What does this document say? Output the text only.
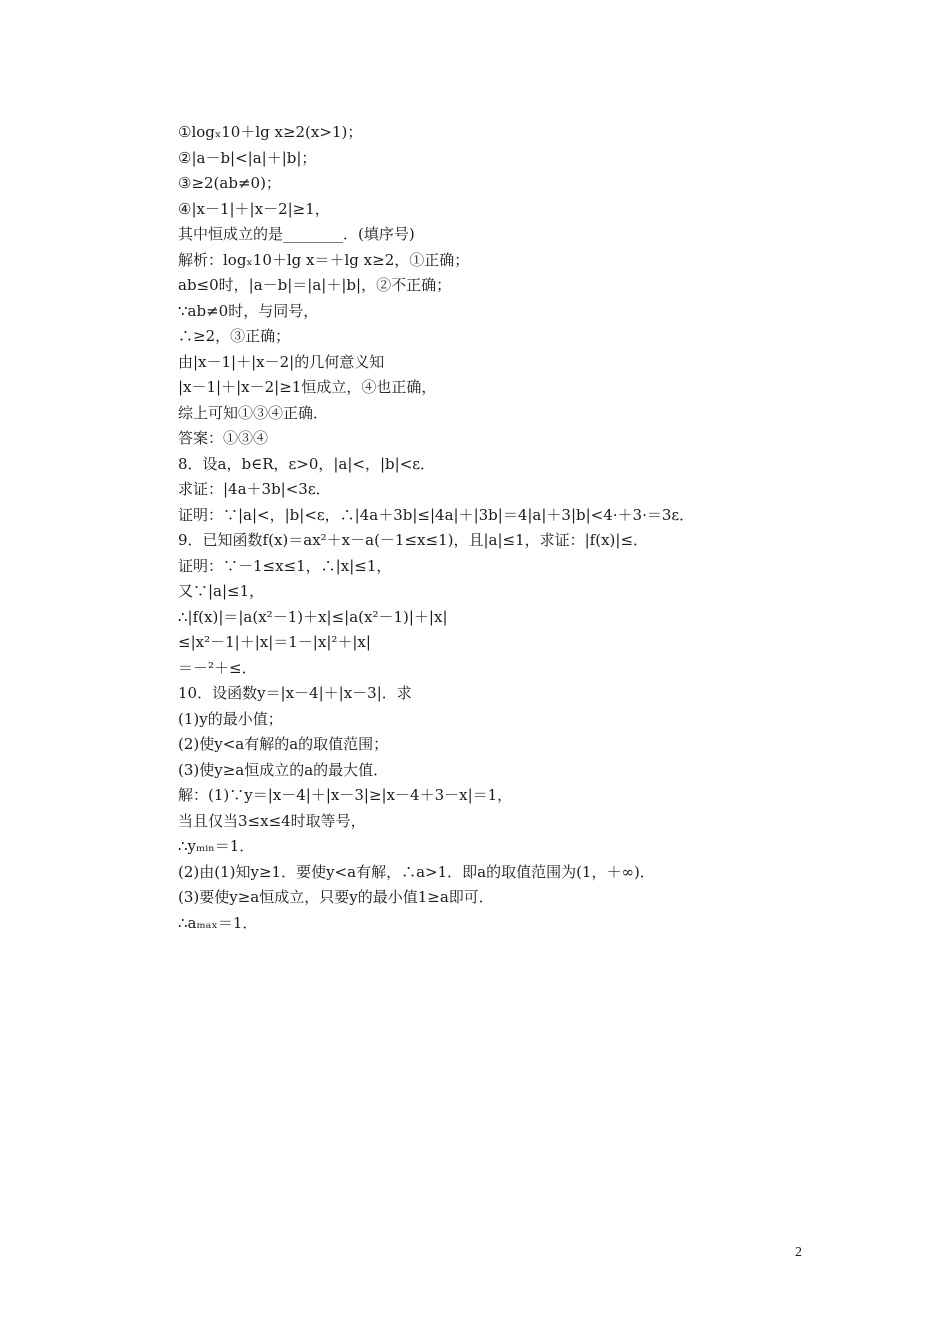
①logₓ10＋lg x≥2(x>1)；
②|a－b|<|a|＋|b|；
③≥2(ab≠0)；
④|x－1|＋|x－2|≥1，
其中恒成立的是________．(填序号)
解析：logₓ10＋lg x＝＋lg x≥2，①正确；
ab≤0时，|a－b|＝|a|＋|b|，②不正确；
∵ab≠0时，与同号，
∴≥2，③正确；
由|x－1|＋|x－2|的几何意义知
|x－1|＋|x－2|≥1恒成立，④也正确，
综上可知①③④正确．
答案：①③④
8．设a，b∈R，ε>0，|a|<，|b|<ε．
求证：|4a＋3b|<3ε．
证明：∵|a|<，|b|<ε，∴|4a＋3b|≤|4a|＋|3b|＝4|a|＋3|b|<4·＋3·＝3ε．
9．已知函数f(x)＝ax²＋x－a(－1≤x≤1)，且|a|≤1，求证：|f(x)|≤．
证明：∵－1≤x≤1，∴|x|≤1，
又∵|a|≤1，
∴|f(x)|＝|a(x²－1)＋x|≤|a(x²－1)|＋|x|
≤|x²－1|＋|x|＝1－|x|²＋|x|
＝－²＋≤．
10．设函数y＝|x－4|＋|x－3|．求
(1)y的最小值；
(2)使y<a有解的a的取值范围；
(3)使y≥a恒成立的a的最大值．
解：(1)∵y＝|x－4|＋|x－3|≥|x－4＋3－x|＝1，
当且仅当3≤x≤4时取等号，
∴yₘᵢₙ＝1．
(2)由(1)知y≥1．要使y<a有解，∴a>1．即a的取值范围为(1，＋∞)．
(3)要使y≥a恒成立，只要y的最小值1≥a即可．
∴aₘₐₓ＝1．
2
